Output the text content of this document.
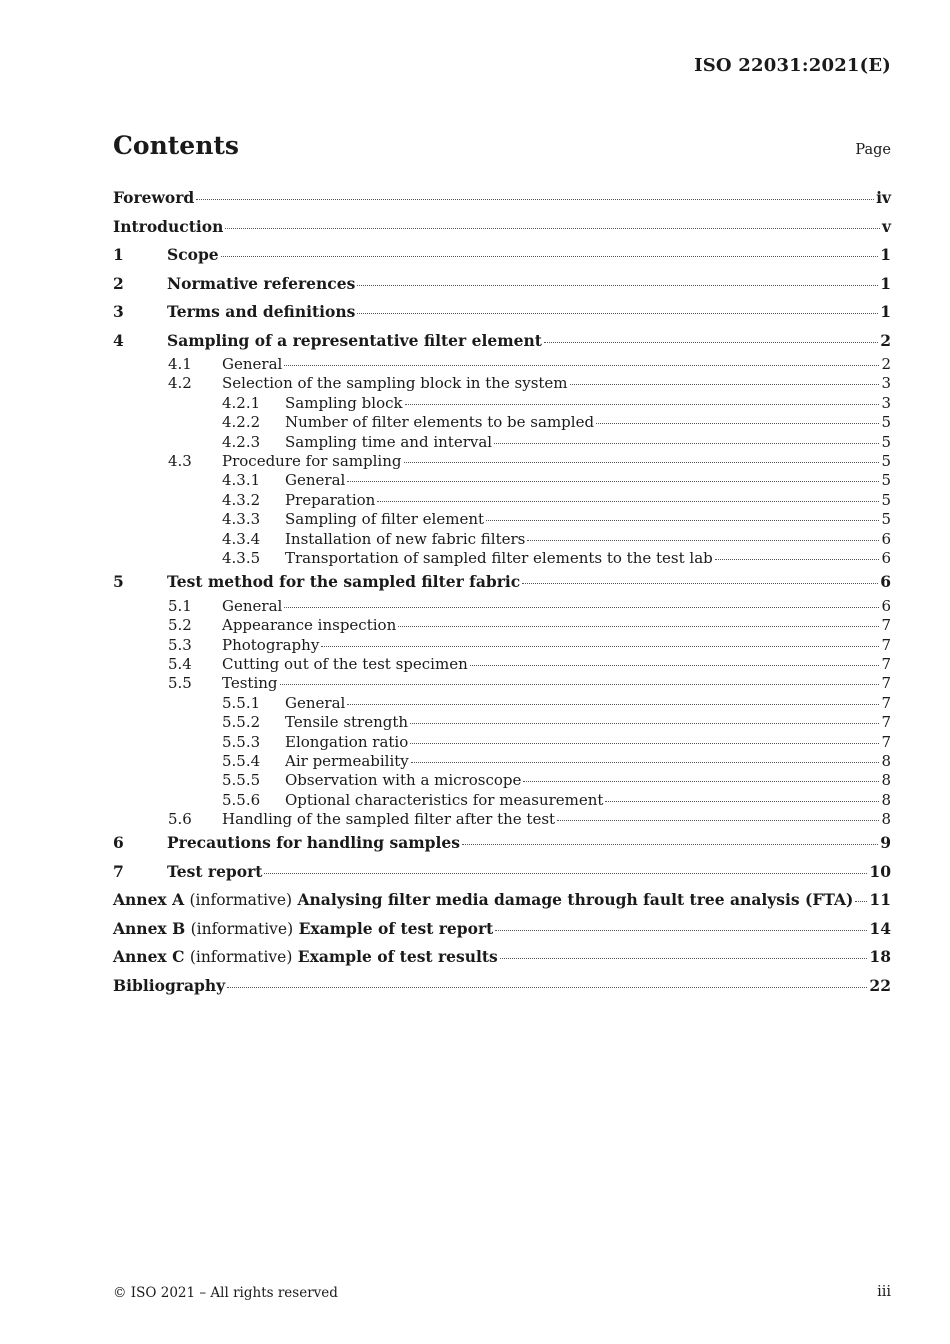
ISO 22031:2021(E)
Contents	Page
Foreword	iv
Introduction	v
1	Scope	1
2	Normative references	1
3	Terms and definitions	1
4	Sampling of a representative filter element	2
4.1	General	2
4.2	Selection of the sampling block in the system	3
4.2.1	Sampling block	3
4.2.2	Number of filter elements to be sampled	5
4.2.3	Sampling time and interval	5
4.3	Procedure for sampling	5
4.3.1	General	5
4.3.2	Preparation	5
4.3.3	Sampling of filter element	5
4.3.4	Installation of new fabric filters	6
4.3.5	Transportation of sampled filter elements to the test lab	6
5	Test method for the sampled filter fabric	6
5.1	General	6
5.2	Appearance inspection	7
5.3	Photography	7
5.4	Cutting out of the test specimen	7
5.5	Testing	7
5.5.1	General	7
5.5.2	Tensile strength	7
5.5.3	Elongation ratio	7
5.5.4	Air permeability	8
5.5.5	Observation with a microscope	8
5.5.6	Optional characteristics for measurement	8
5.6	Handling of the sampled filter after the test	8
6	Precautions for handling samples	9
7	Test report	10
Annex A (informative) Analysing filter media damage through fault tree analysis (FTA) 11
Annex B (informative) Example of test report	14
Annex C (informative) Example of test results	18
Bibliography	22
© ISO 2021 – All rights reserved	iii
